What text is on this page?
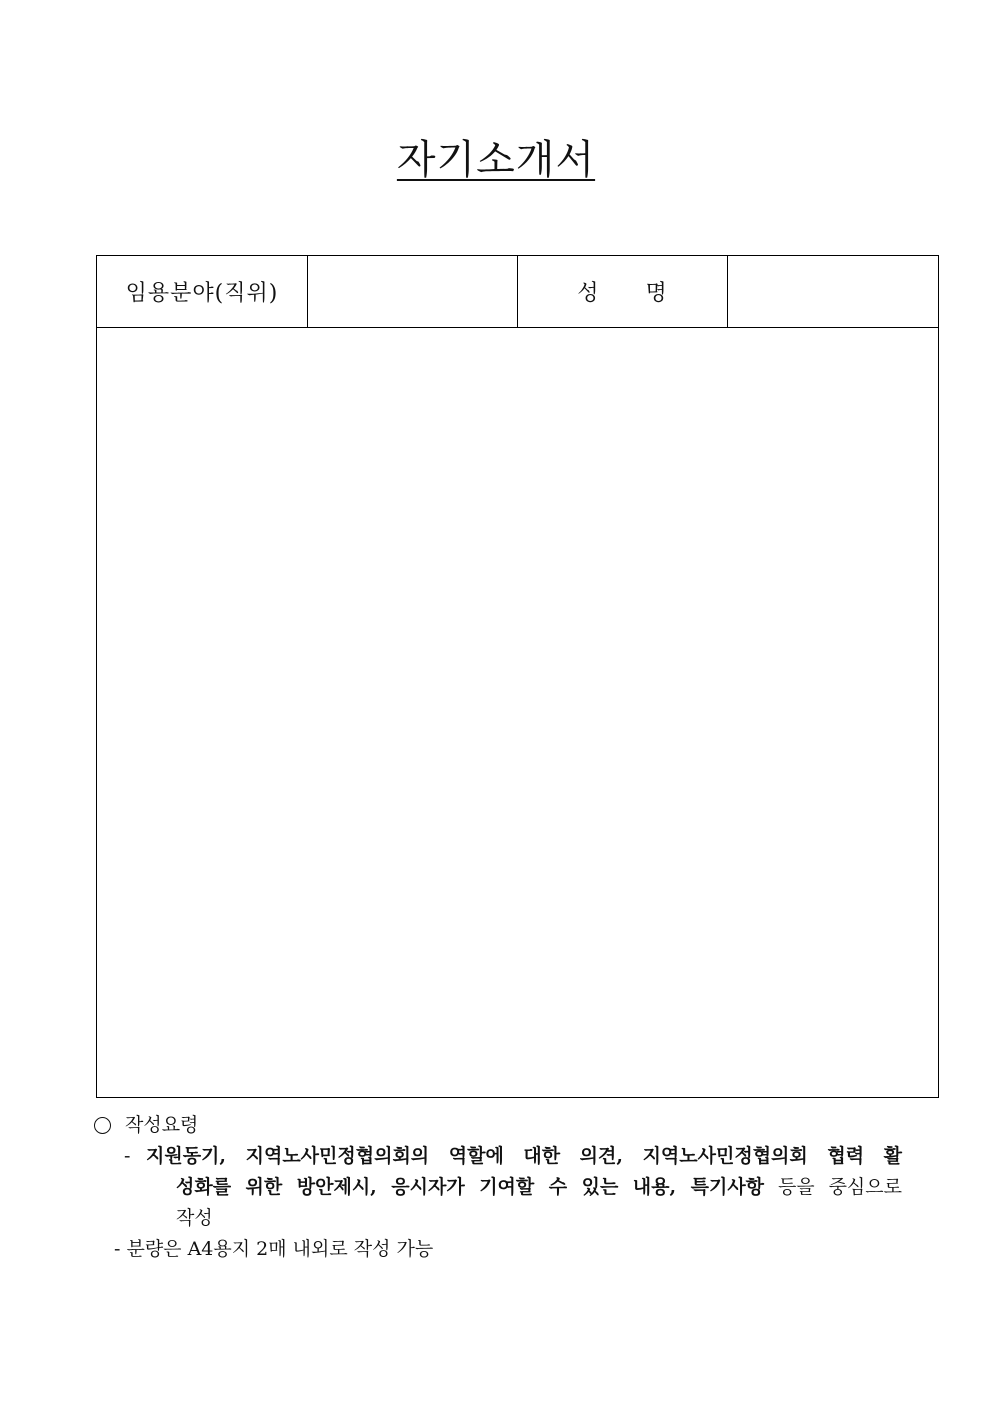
자기소개서
임용분야(직위)		성　　명	

작성요령
- 지원동기, 지역노사민정협의회의 역할에 대한 의견, 지역노사민정협의회 협력 활
성화를 위한 방안제시, 응시자가 기여할 수 있는 내용, 특기사항 등을 중심으로
작성
- 분량은 A4용지 2매 내외로 작성 가능
